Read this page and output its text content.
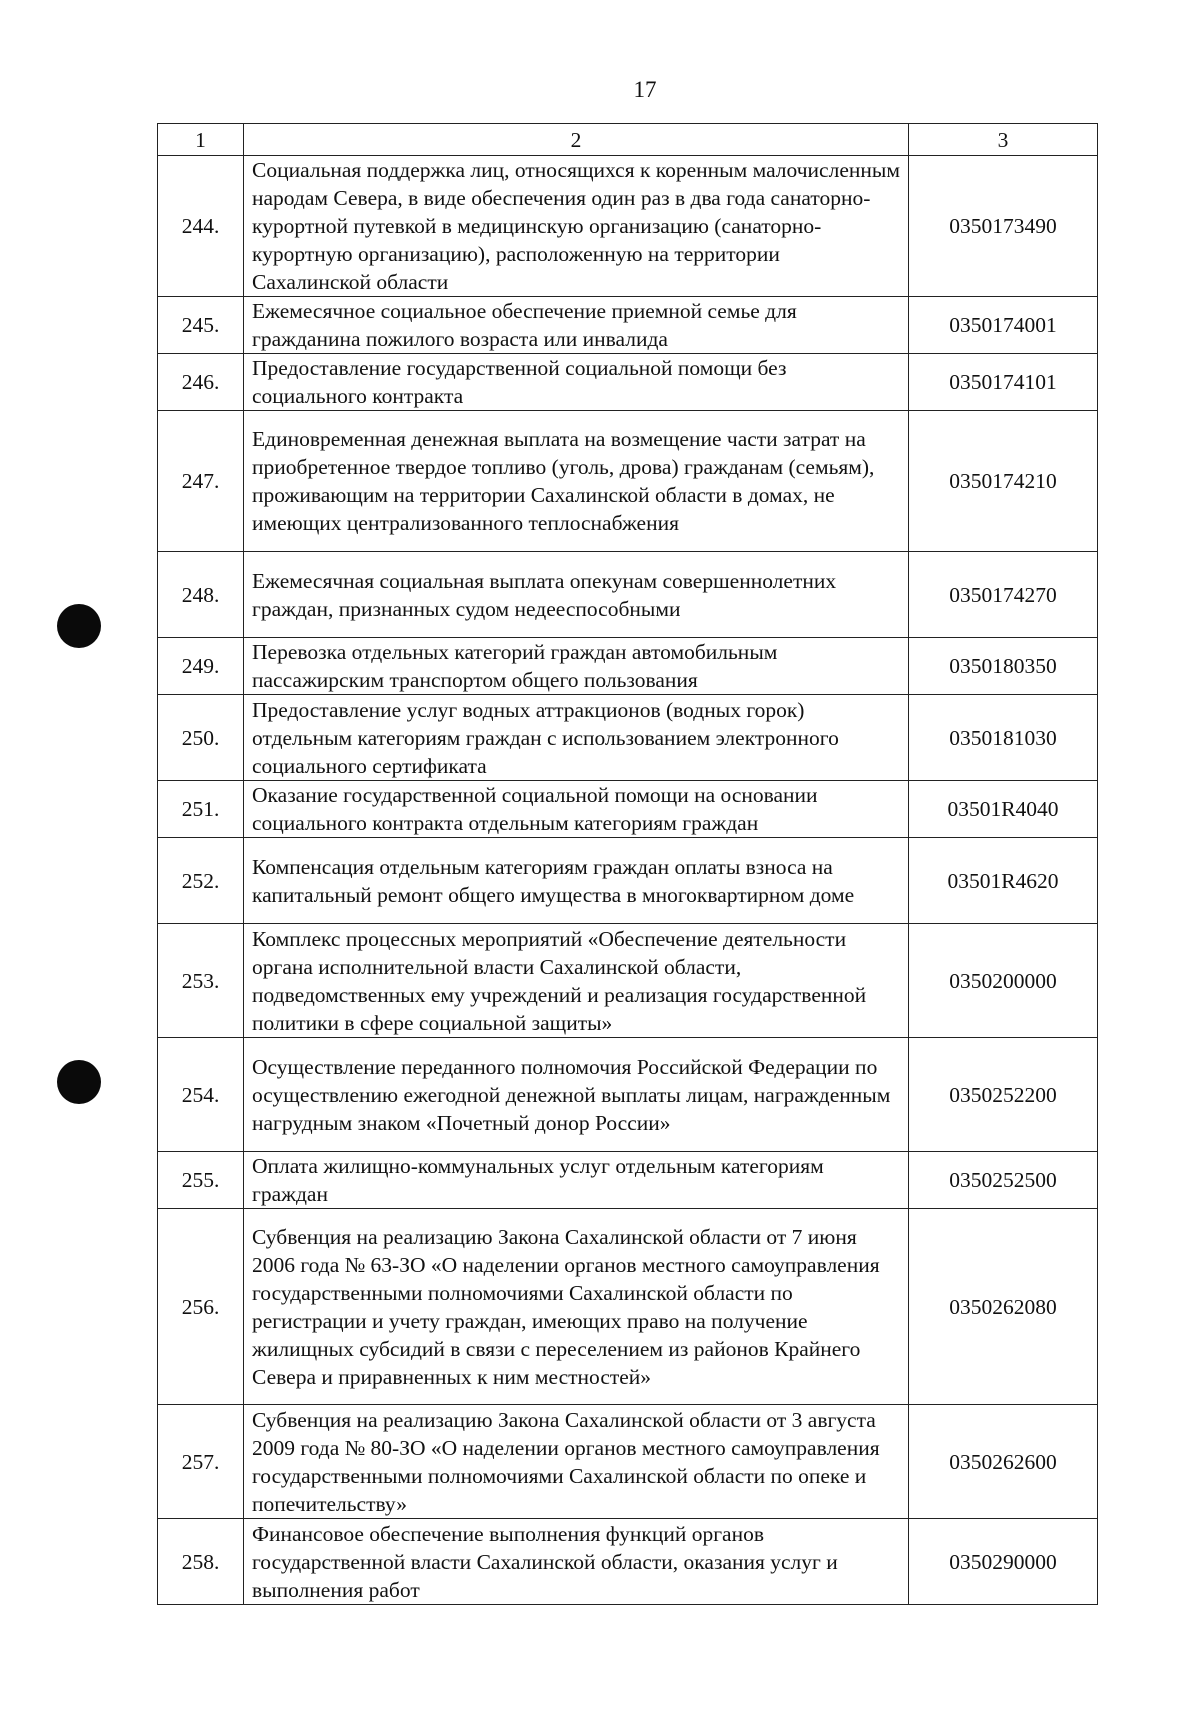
17
1	2	3
244.	Социальная поддержка лиц, относящихся к коренным малочисленным народам Севера, в виде обеспечения один раз в два года санаторно-курортной путевкой в медицинскую организацию (санаторно-курортную организацию), расположенную на территории Сахалинской области	0350173490
245.	Ежемесячное социальное обеспечение приемной семье для гражданина пожилого возраста или инвалида	0350174001
246.	Предоставление государственной социальной помощи без социального контракта	0350174101
247.	Единовременная денежная выплата на возмещение части затрат на приобретенное твердое топливо (уголь, дрова) гражданам (семьям), проживающим на территории Сахалинской области в домах, не имеющих централизованного теплоснабжения	0350174210
248.	Ежемесячная социальная выплата опекунам совершеннолетних граждан, признанных судом недееспособными	0350174270
249.	Перевозка отдельных категорий граждан автомобильным пассажирским транспортом общего пользования	0350180350
250.	Предоставление услуг водных аттракционов (водных горок) отдельным категориям граждан с использованием электронного социального сертификата	0350181030
251.	Оказание государственной социальной помощи на основании социального контракта отдельным категориям граждан	03501R4040
252.	Компенсация отдельным категориям граждан оплаты взноса на капитальный ремонт общего имущества в многоквартирном доме	03501R4620
253.	Комплекс процессных мероприятий «Обеспечение деятельности органа исполнительной власти Сахалинской области, подведомственных ему учреждений и реализация государственной политики в сфере социальной защиты»	0350200000
254.	Осуществление переданного полномочия Российской Федерации по осуществлению ежегодной денежной выплаты лицам, награжденным нагрудным знаком «Почетный донор России»	0350252200
255.	Оплата жилищно-коммунальных услуг отдельным категориям граждан	0350252500
256.	Субвенция на реализацию Закона Сахалинской области от 7 июня 2006 года № 63-ЗО «О наделении органов местного самоуправления государственными полномочиями Сахалинской области по регистрации и учету граждан, имеющих право на получение жилищных субсидий в связи с переселением из районов Крайнего Севера и приравненных к ним местностей»	0350262080
257.	Субвенция на реализацию Закона Сахалинской области от 3 августа 2009 года № 80-ЗО «О наделении органов местного самоуправления государственными полномочиями Сахалинской области по опеке и попечительству»	0350262600
258.	Финансовое обеспечение выполнения функций органов государственной власти Сахалинской области, оказания услуг и выполнения работ	0350290000
